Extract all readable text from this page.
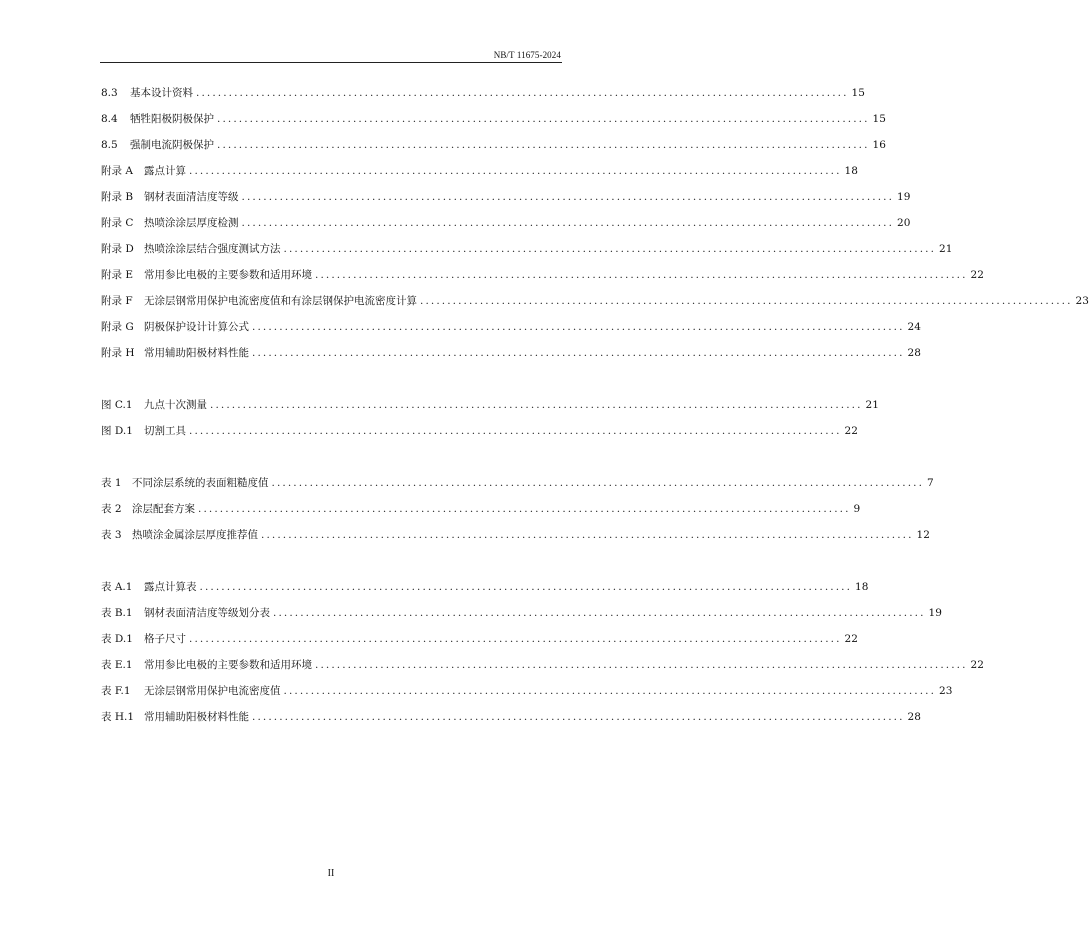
NB/T 11675-2024
8.3	基本设计资料 ........................................................................................................................ 15
8.4	牺牲阳极阴极保护 ........................................................................................................................ 15
8.5	强制电流阴极保护 ........................................................................................................................ 16
附录 A	露点计算 ........................................................................................................................ 18
附录 B	钢材表面清洁度等级 ........................................................................................................................ 19
附录 C	热喷涂涂层厚度检测 ........................................................................................................................ 20
附录 D 热喷涂涂层结合强度测试方法 ........................................................................................................................ 21
附录 E	常用参比电极的主要参数和适用环境 ........................................................................................................................ 22
附录 F	无涂层钢常用保护电流密度值和有涂层钢保护电流密度计算 ........................................................................................................................ 23
附录 G 阴极保护设计计算公式 ........................................................................................................................ 24
附录 H 常用辅助阳极材料性能 ........................................................................................................................ 28
图 C.1	九点十次测量 ........................................................................................................................ 21
图 D.1	切割工具 ........................................................................................................................ 22
表 1 不同涂层系统的表面粗糙度值 ........................................................................................................................ 7
表 2 涂层配套方案 ........................................................................................................................ 9
表 3 热喷涂金属涂层厚度推荐值 ........................................................................................................................ 12
表 A.1	露点计算表 ........................................................................................................................ 18
表 B.1	钢材表面清洁度等级划分表 ........................................................................................................................ 19
表 D.1	格子尺寸 ........................................................................................................................ 22
表 E.1	常用参比电极的主要参数和适用环境 ........................................................................................................................ 22
表 F.1	无涂层钢常用保护电流密度值 ........................................................................................................................ 23
表 H.1 常用辅助阳极材料性能 ........................................................................................................................ 28
II
